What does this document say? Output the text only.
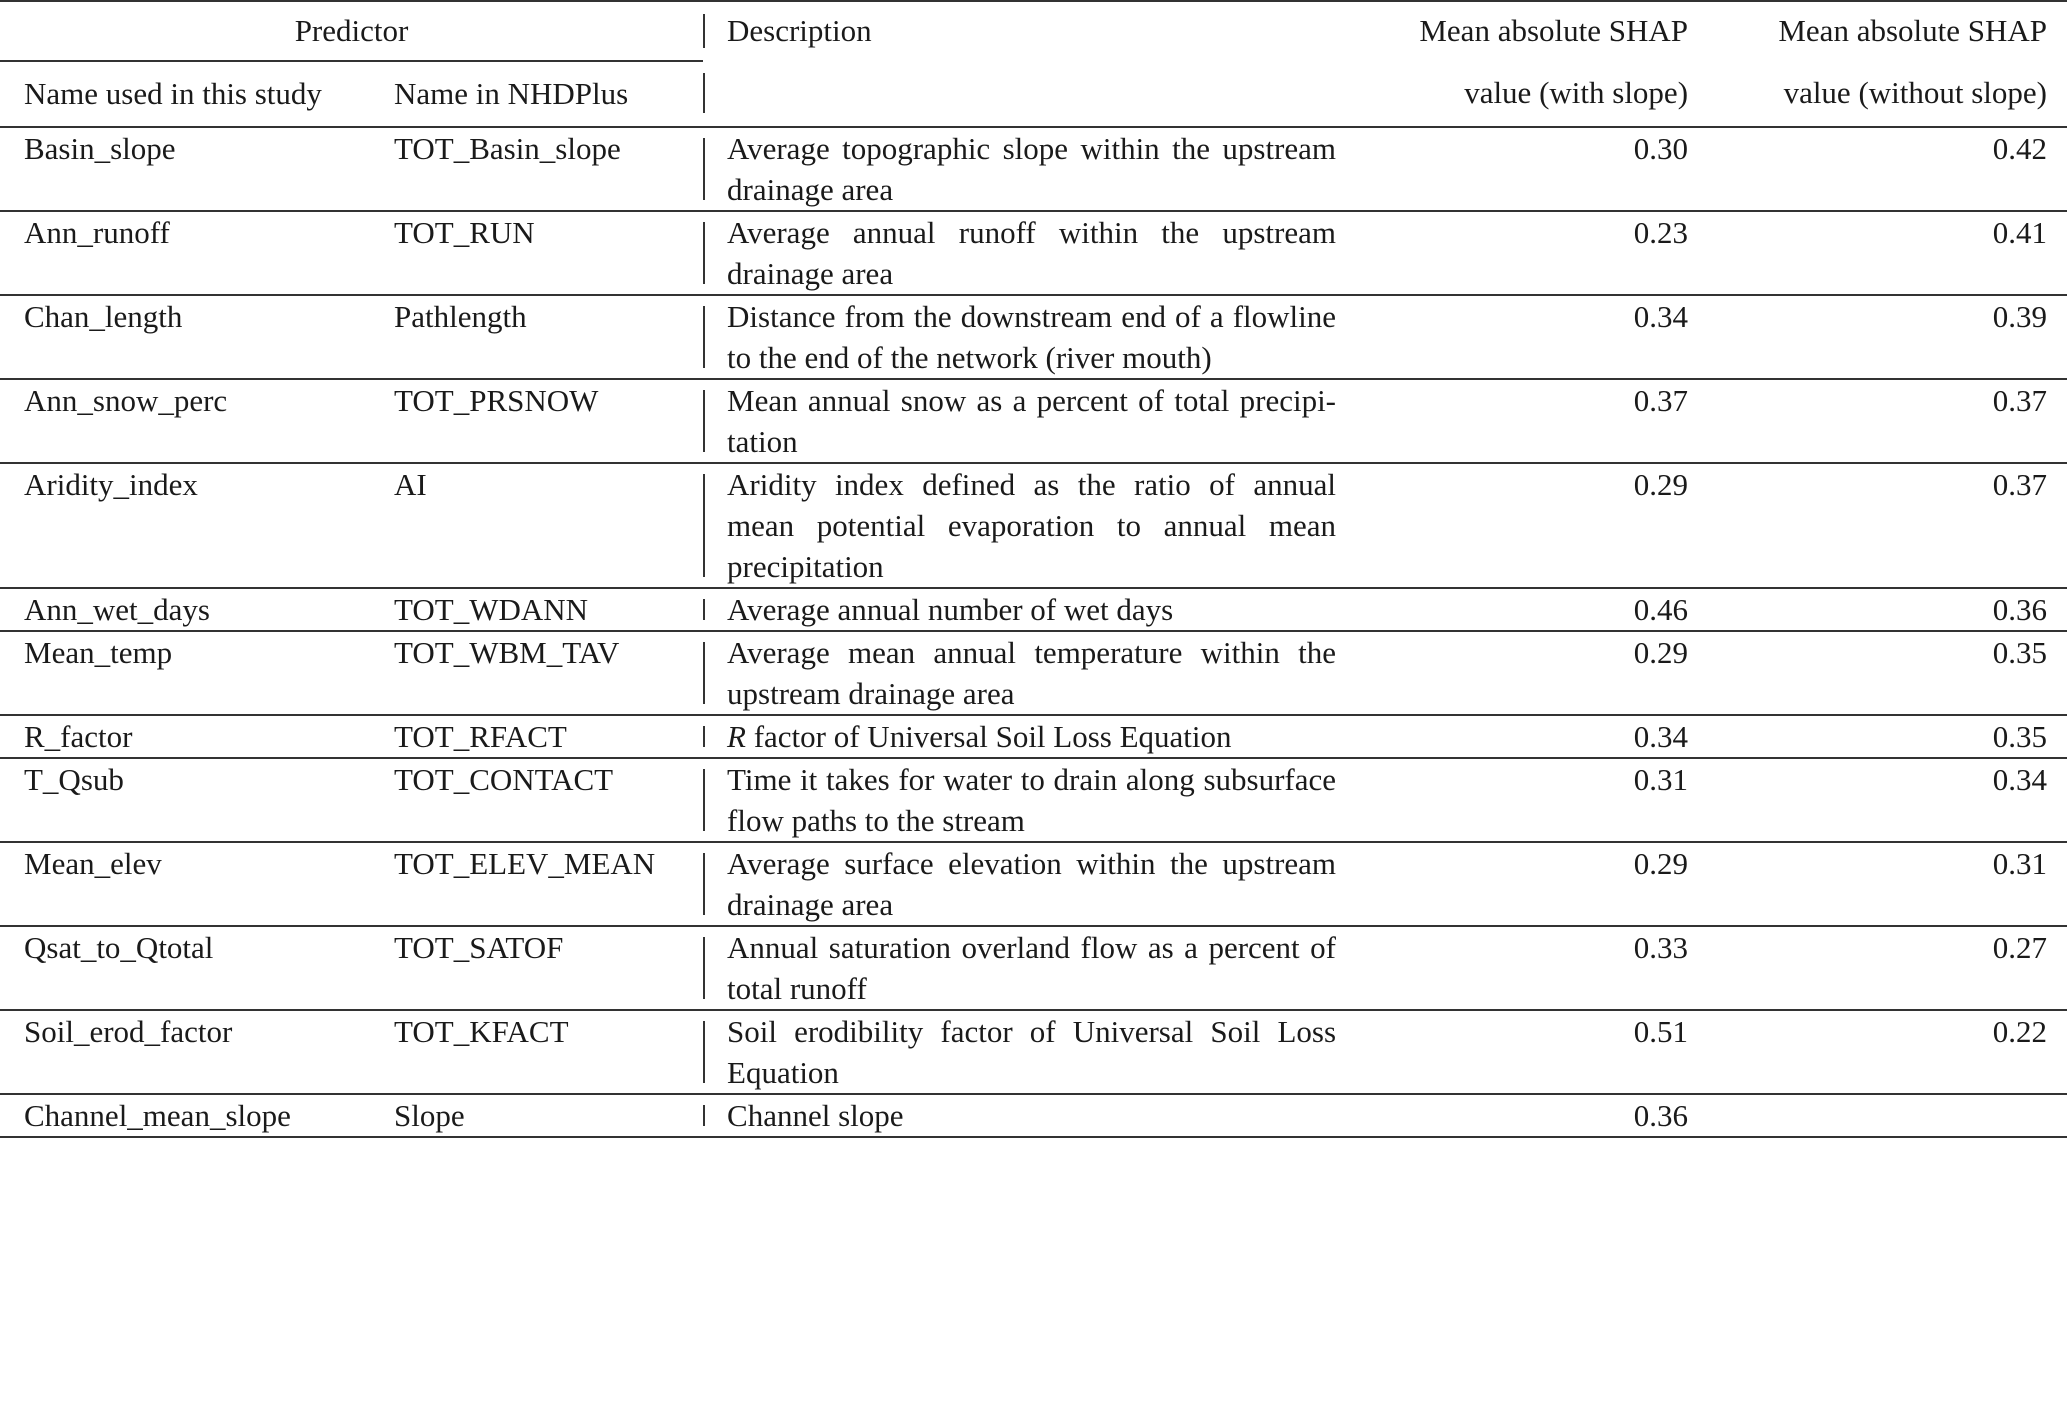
Predictor		Description	Mean absolute SHAP	Mean absolute SHAP
Name used in this study	Name in NHDPlus		value (with slope)	value (without slope)
Basin_slope	TOT_Basin_slope	Average topographic slope within the upstream drainage area	0.30	0.42
Ann_runoff	TOT_RUN	Average annual runoff within the upstream drainage area	0.23	0.41
Chan_length	Pathlength	Distance from the downstream end of a flowline to the end of the network (river mouth)	0.34	0.39
Ann_snow_perc	TOT_PRSNOW	Mean annual snow as a percent of total precipi-tation	0.37	0.37
Aridity_index	AI	Aridity index defined as the ratio of annual mean potential evaporation to annual mean precipitation	0.29	0.37
Ann_wet_days	TOT_WDANN	Average annual number of wet days	0.46	0.36
Mean_temp	TOT_WBM_TAV	Average mean annual temperature within the upstream drainage area	0.29	0.35
R_factor	TOT_RFACT	R factor of Universal Soil Loss Equation	0.34	0.35
T_Qsub	TOT_CONTACT	Time it takes for water to drain along subsurface flow paths to the stream	0.31	0.34
Mean_elev	TOT_ELEV_MEAN	Average surface elevation within the upstream drainage area	0.29	0.31
Qsat_to_Qtotal	TOT_SATOF	Annual saturation overland flow as a percent of total runoff	0.33	0.27
Soil_erod_factor	TOT_KFACT	Soil erodibility factor of Universal Soil Loss Equation	0.51	0.22
Channel_mean_slope	Slope	Channel slope	0.36	
